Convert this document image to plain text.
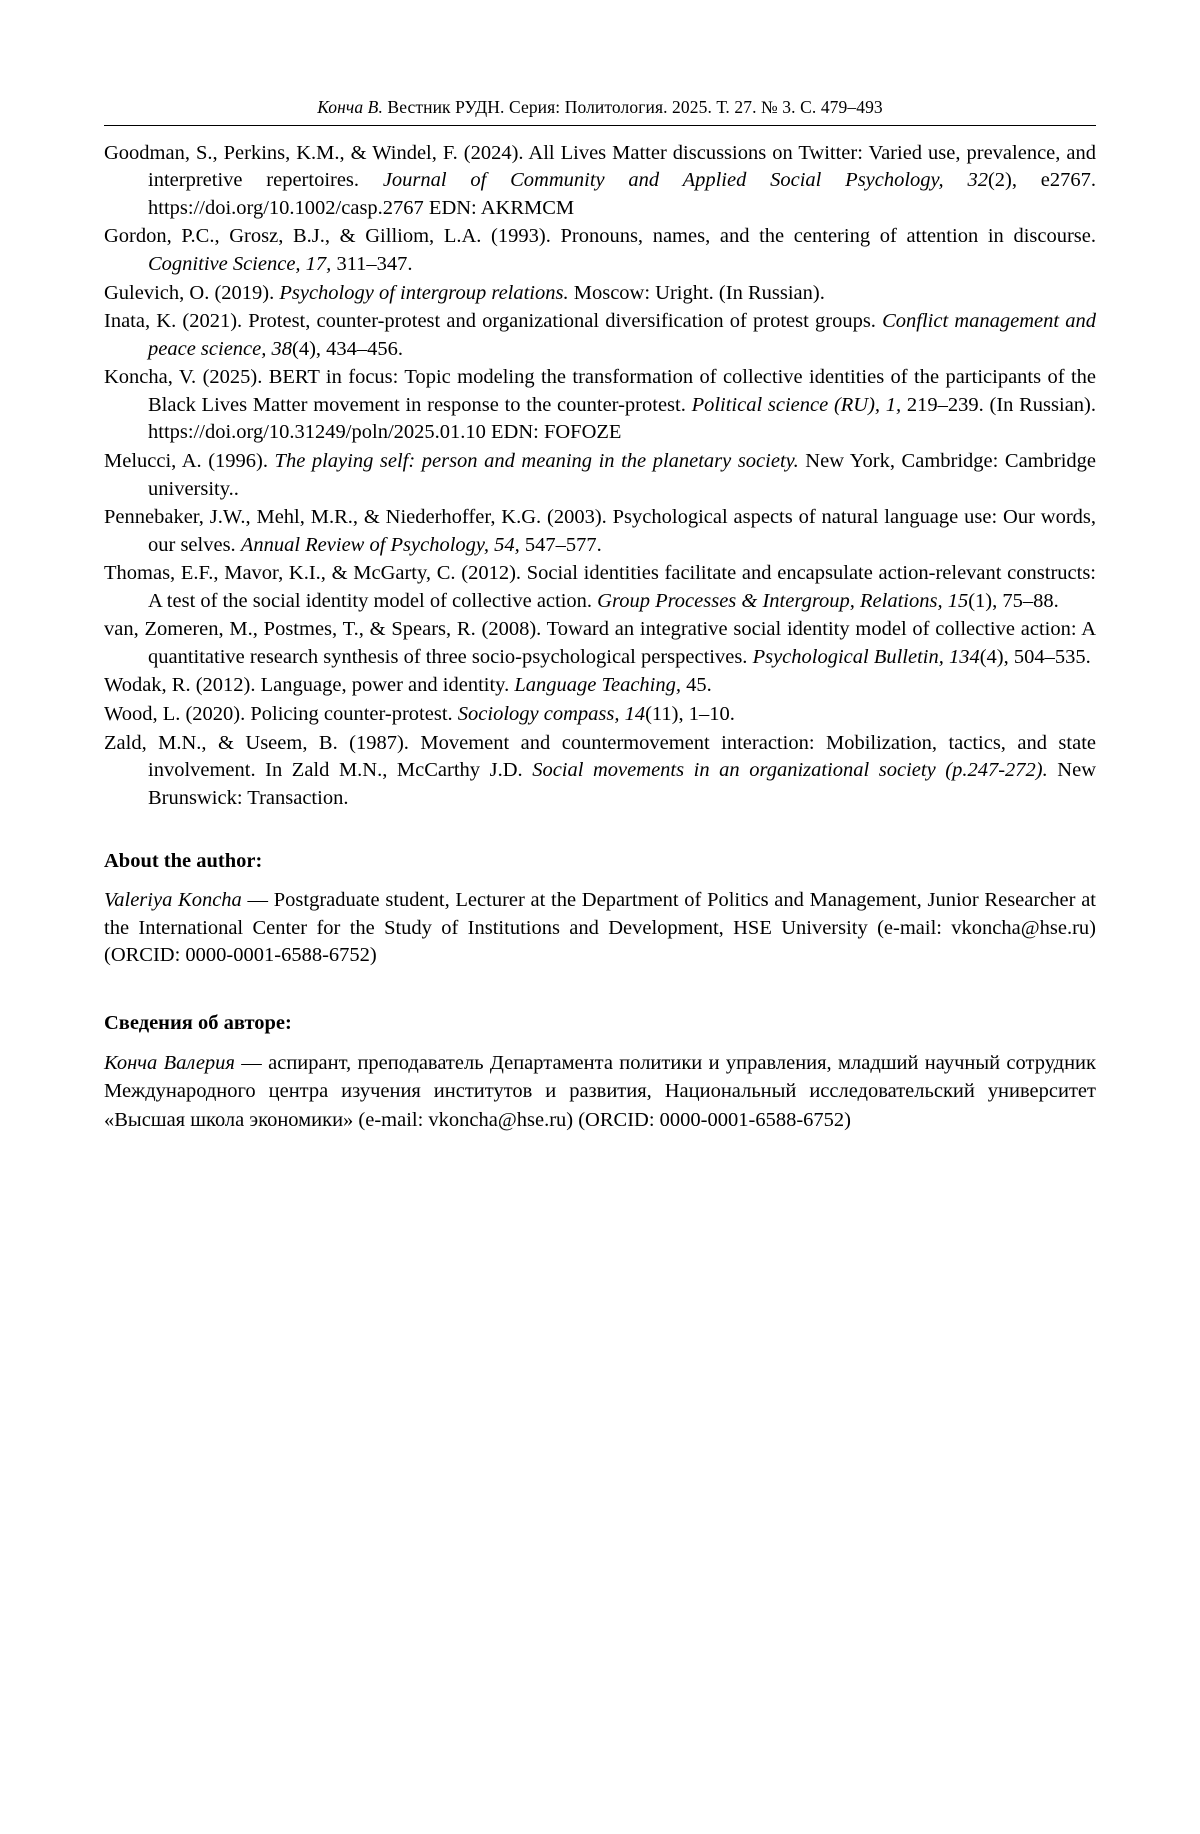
Конча В. Вестник РУДН. Серия: Политология. 2025. Т. 27. № 3. С. 479–493
Goodman, S., Perkins, K.M., & Windel, F. (2024). All Lives Matter discussions on Twitter: Varied use, prevalence, and interpretive repertoires. Journal of Community and Applied Social Psychology, 32(2), e2767. https://doi.org/10.1002/casp.2767 EDN: AKRMCM
Gordon, P.C., Grosz, B.J., & Gilliom, L.A. (1993). Pronouns, names, and the centering of attention in discourse. Cognitive Science, 17, 311–347.
Gulevich, O. (2019). Psychology of intergroup relations. Moscow: Uright. (In Russian).
Inata, K. (2021). Protest, counter-protest and organizational diversification of protest groups. Conflict management and peace science, 38(4), 434–456.
Koncha, V. (2025). BERT in focus: Topic modeling the transformation of collective identities of the participants of the Black Lives Matter movement in response to the counter-protest. Political science (RU), 1, 219–239. (In Russian). https://doi.org/10.31249/poln/2025.01.10 EDN: FOFOZE
Melucci, A. (1996). The playing self: person and meaning in the planetary society. New York, Cambridge: Cambridge university..
Pennebaker, J.W., Mehl, M.R., & Niederhoffer, K.G. (2003). Psychological aspects of natural language use: Our words, our selves. Annual Review of Psychology, 54, 547–577.
Thomas, E.F., Mavor, K.I., & McGarty, C. (2012). Social identities facilitate and encapsulate action-relevant constructs: A test of the social identity model of collective action. Group Processes & Intergroup, Relations, 15(1), 75–88.
van, Zomeren, M., Postmes, T., & Spears, R. (2008). Toward an integrative social identity model of collective action: A quantitative research synthesis of three socio-psychological perspectives. Psychological Bulletin, 134(4), 504–535.
Wodak, R. (2012). Language, power and identity. Language Teaching, 45.
Wood, L. (2020). Policing counter-protest. Sociology compass, 14(11), 1–10.
Zald, M.N., & Useem, B. (1987). Movement and countermovement interaction: Mobilization, tactics, and state involvement. In Zald M.N., McCarthy J.D. Social movements in an organizational society (p.247-272). New Brunswick: Transaction.
About the author:
Valeriya Koncha — Postgraduate student, Lecturer at the Department of Politics and Management, Junior Researcher at the International Center for the Study of Institutions and Development, HSE University (e-mail: vkoncha@hse.ru) (ORCID: 0000-0001-6588-6752)
Сведения об авторе:
Конча Валерия — аспирант, преподаватель Департамента политики и управления, младший научный сотрудник Международного центра изучения институтов и развития, Национальный исследовательский университет «Высшая школа экономики» (e-mail: vkoncha@hse.ru) (ORCID: 0000-0001-6588-6752)
